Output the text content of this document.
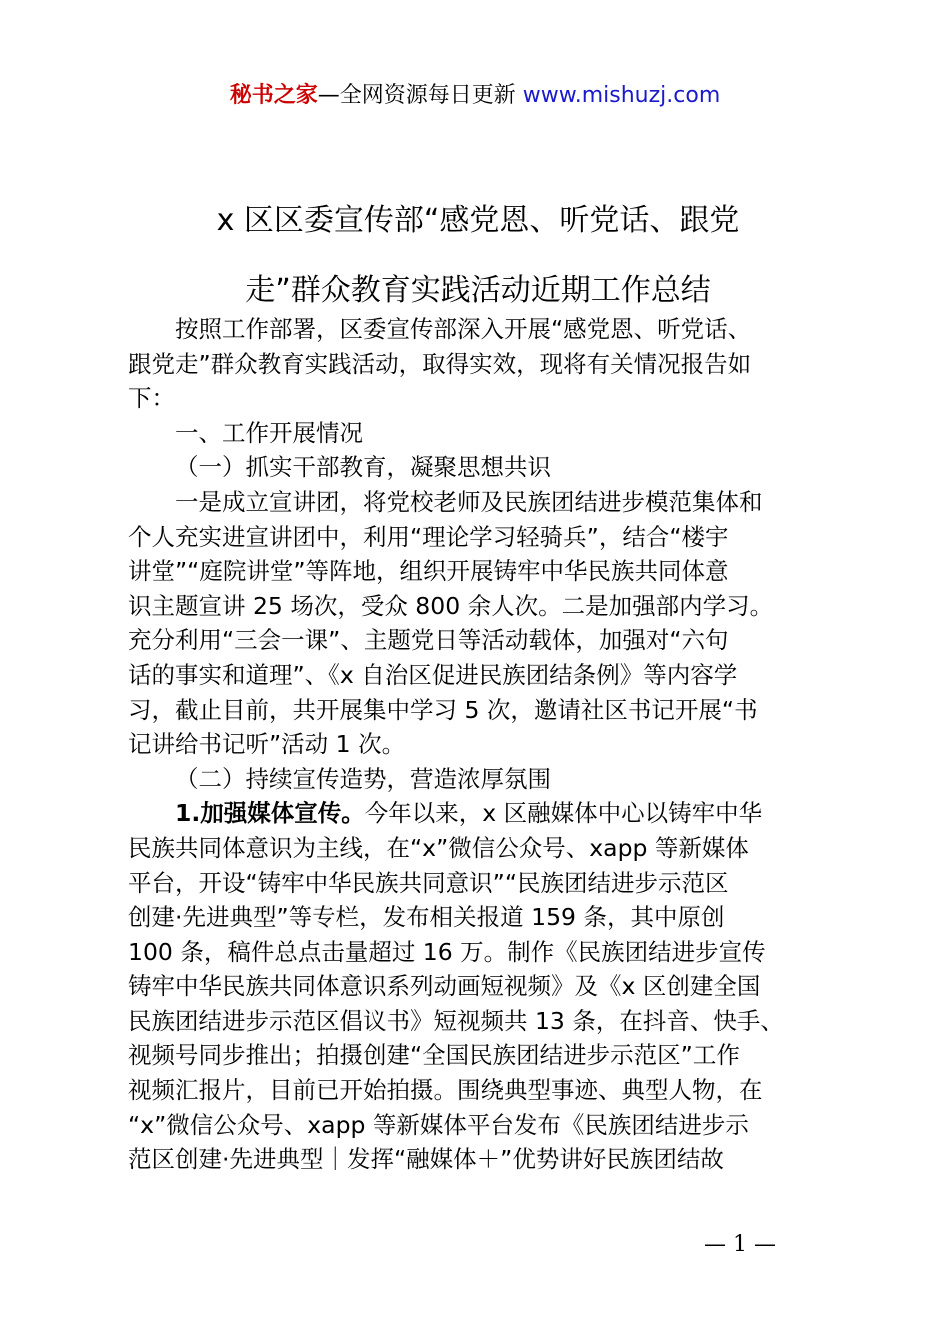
秘书之家—全网资源每日更新 www.mishuzj.com
x 区区委宣传部“感党恩、听党话、跟党
走”群众教育实践活动近期工作总结
按照工作部署，区委宣传部深入开展“感党恩、听党话、
跟党走”群众教育实践活动，取得实效，现将有关情况报告如
下：
一、工作开展情况
（一）抓实干部教育，凝聚思想共识
一是成立宣讲团，将党校老师及民族团结进步模范集体和
个人充实进宣讲团中，利用“理论学习轻骑兵”，结合“楼宇
讲堂”“庭院讲堂”等阵地，组织开展铸牢中华民族共同体意
识主题宣讲 25 场次，受众 800 余人次。二是加强部内学习。
充分利用“三会一课”、主题党日等活动载体，加强对“六句
话的事实和道理”、《x 自治区促进民族团结条例》等内容学
习，截止目前，共开展集中学习 5 次，邀请社区书记开展“书
记讲给书记听”活动 1 次。
（二）持续宣传造势，营造浓厚氛围
1.加强媒体宣传。今年以来，x 区融媒体中心以铸牢中华
民族共同体意识为主线，在“x”微信公众号、xapp 等新媒体
平台，开设“铸牢中华民族共同意识”“民族团结进步示范区
创建·先进典型”等专栏，发布相关报道 159 条，其中原创
100 条，稿件总点击量超过 16 万。制作《民族团结进步宣传
铸牢中华民族共同体意识系列动画短视频》及《x 区创建全国
民族团结进步示范区倡议书》短视频共 13 条，在抖音、快手、
视频号同步推出；拍摄创建“全国民族团结进步示范区”工作
视频汇报片，目前已开始拍摄。围绕典型事迹、典型人物，在
“x”微信公众号、xapp 等新媒体平台发布《民族团结进步示
范区创建·先进典型｜发挥“融媒体＋”优势讲好民族团结故
— 1 —
